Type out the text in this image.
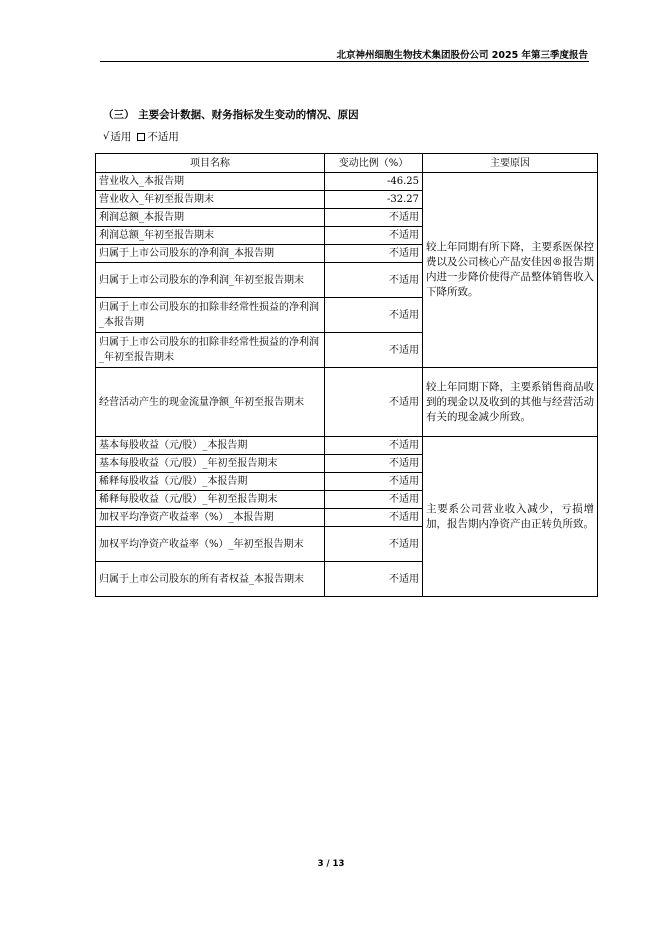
北京神州细胞生物技术集团股份公司 2025 年第三季度报告
（三） 主要会计数据、财务指标发生变动的情况、原因
√ 适用 不适用
项目名称	变动比例（%）	主要原因
营业收入_本报告期	-46.25	较上年同期有所下降，主要系医保控费以及公司核心产品安佳因®报告期内进一步降价使得产品整体销售收入下降所致。
营业收入_年初至报告期末	-32.27	
利润总额_本报告期	不适用	
利润总额_年初至报告期末	不适用	
归属于上市公司股东的净利润_本报告期	不适用	
归属于上市公司股东的净利润_年初至报告期末	不适用	
归属于上市公司股东的扣除非经常性损益的净利润_本报告期	不适用	
归属于上市公司股东的扣除非经常性损益的净利润_年初至报告期末	不适用	
经营活动产生的现金流量净额_年初至报告期末	不适用	较上年同期下降，主要系销售商品收到的现金以及收到的其他与经营活动有关的现金减少所致。
基本每股收益（元/股）_本报告期	不适用	主要系公司营业收入减少，亏损增加，报告期内净资产由正转负所致。
基本每股收益（元/股）_年初至报告期末	不适用	
稀释每股收益（元/股）_本报告期	不适用	
稀释每股收益（元/股）_年初至报告期末	不适用	
加权平均净资产收益率（%）_本报告期	不适用	
加权平均净资产收益率（%）_年初至报告期末	不适用	
归属于上市公司股东的所有者权益_本报告期末	不适用	
3 / 13
